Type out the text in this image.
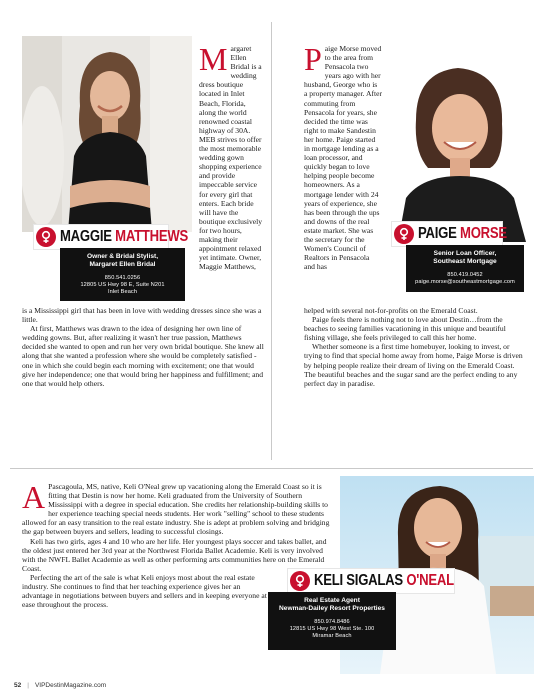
MAGGIE MATTHEWS
Owner & Bridal Stylist,
Margaret Ellen Bridal
850.541.0256
12805 US Hwy 98 E, Suite N201
Inlet Beach
M argaret Ellen Bridal is a wedding dress boutique located in Inlet Beach, Florida, along the world renowned coastal highway of 30A. MEB strives to offer the most memorable wedding gown shopping experience and provide impeccable service for every girl that enters. Each bride will have the boutique exclusively for two hours, making their appointment relaxed yet intimate. Owner, Maggie Matthews,

is a Mississippi girl that has been in love with wedding dresses since she was a little.

At first, Matthews was drawn to the idea of designing her own line of wedding gowns. But, after realizing it wasn't her true passion, Matthews decided she wanted to open and run her very own bridal boutique. She knew all along that she wanted a profession where she would be completely satisfied - one in which she could begin each morning with excitement; one that would give her independence; one that would bring her happiness and fulfillment; and one that would help others.

PAIGE MORSE
Senior Loan Officer,
Southeast Mortgage
850.419.0452
paige.morse@southeastmortgage.com
P aige Morse moved to the area from Pensacola two years ago with her husband, George who is a property manager. After commuting from Pensacola for years, she decided the time was right to make Sandestin her home. Paige started in mortgage lending as a loan processor, and quickly began to love helping people become homeowners. As a mortgage lender with 24 years of experience, she has been through the ups and downs of the real estate market. She was the secretary for the Women's Council of Realtors in Pensacola and has

helped with several not-for-profits on the Emerald Coast.

Paige feels there is nothing not to love about Destin…from the beaches to seeing families vacationing in this unique and beautiful fishing village, she feels privileged to call this her home.

Whether someone is a first time homebuyer, looking to invest, or trying to find that special home away from home, Paige Morse is driven by helping people realize their dream of living on the Emerald Coast. The beautiful beaches and the sugar sand are the perfect ending to any perfect day in paradise.

KELI SIGALAS O'NEAL
Real Estate Agent
Newman-Dailey Resort Properties
850.974.8486
12815 US Hwy 98 West Ste. 100
Miramar Beach

A Pascagoula, MS, native, Keli O'Neal grew up vacationing along the Emerald Coast so it is fitting that Destin is now her home. Keli graduated from the University of Southern Mississippi with a degree in special education. She credits her relationship-building skills to her experience teaching special needs students. Her work "selling" school to these students allowed for an easy transition to the real estate industry. She is adept at problem solving and bridging the gap between buyers and sellers, leading to successful closings.

Keli has two girls, ages 4 and 10 who are her life. Her youngest plays soccer and takes ballet, and the oldest just entered her 3rd year at the Northwest Florida Ballet Academie. Keli is very involved with the NWFL Ballet Academie as well as other performing arts communities here on the Emerald Coast.

Perfecting the art of the sale is what Keli enjoys most about the real estate industry. She continues to find that her teaching experience gives her an advantage in negotiations between buyers and sellers and in keeping everyone at ease throughout the process.

52 | VIPDestinMagazine.com
